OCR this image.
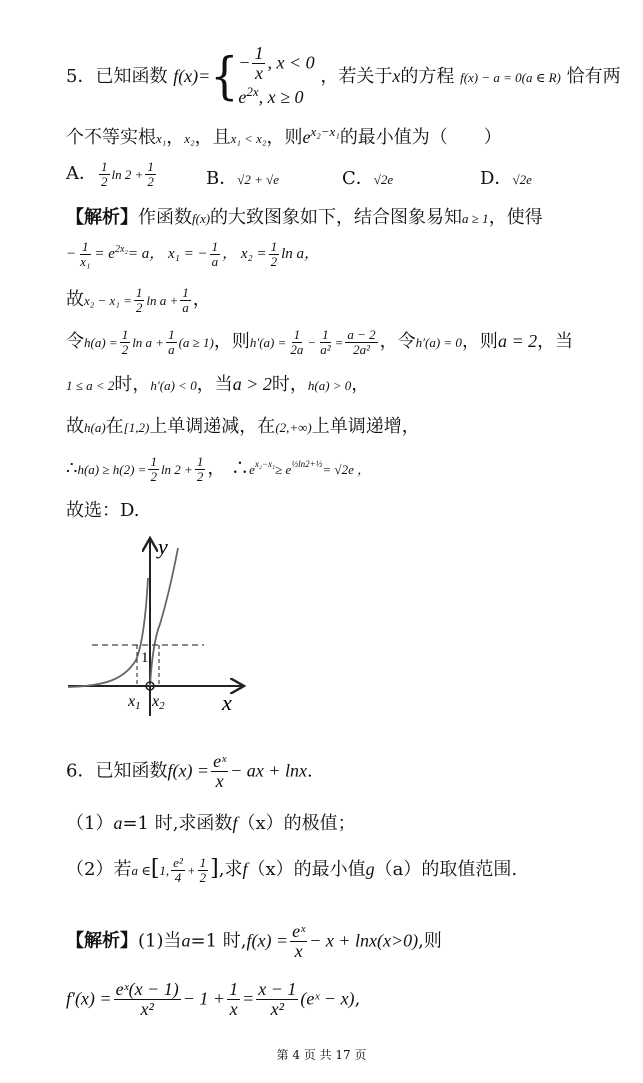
5．已知函数 $f(x)=\{ - \frac{1}{x}$ , x < 0
$e^{2x}$, x ≥ 0
，若关于x的方程 f(x) − a = 0(a ∈ R) 恰有两
个不等实根x₁，x₂，且x₁ < x₂，则$e^{x_2-x_1}$的最小值为（　　）
A． $\frac{1}{2}$ $\ln 2 + \frac{1}{2}$	B．√2 + √e	C．√2e	D．√2e
【解析】作函数f(x)的大致图象如下，结合图象易知a ≥ 1，使得
− $\frac{1}{\text{x₁}} = e^{2x_2}= a$， x₁ = − $\frac{1}{a}$ ， $x_2 = \frac{1}{2}$ ln a，
故$x_2 - x_1 = \frac{1}{2}$ $\ln a + \frac{1}{a}$ ，
令$h(a) = \frac{1}{2}$ $\ln a + \frac{1}{a} (a \ge 1)$，则$h'(a) = \frac{1}{2a} - \frac{1}{\text{a²}} = \frac{a - 2}{\text{2a²}}$ ，令h′(a) = 0，则a = 2，当
1 ≤ a < 2时，h′(a) < 0，当a > 2时，h(a) > 0，
故h(a)在[1,2)上单调递减，在(2,+∞)上单调递增，
∴h(a) ≥ $h(2) = \frac{1}{2}$ $\ln 2 + \frac{1}{2}$ ， $\therefore e^{x_2-x_1}\ge e^{\frac{1}{2}ln2+\frac{1}{2}}= √2e$ ，
故选：D.
y
x
1
x1 x2
6．已知函数$f(x) = \frac{\text{eˣ}}{x}$ − ax + lnx.
（1）a=1 时,求函数f（x）的极值；
（2）若a ∈[1, $\frac{\text{e²}}{4} + \frac{1}{2}$ ],求f（x）的最小值g（a）的取值范围.
【解析】(1)当a=1 时$,f(x) = \frac{\text{eˣ}}{x} - x + \ln x(x>0)$,则
$f'(x) = \frac{\text{eˣ(x − 1)}}{\text{x²}} - 1 + \frac{1}{x} = \frac{x - 1}{\text{x²}}$ (eˣ − x),
第 4 页 共 17 页
